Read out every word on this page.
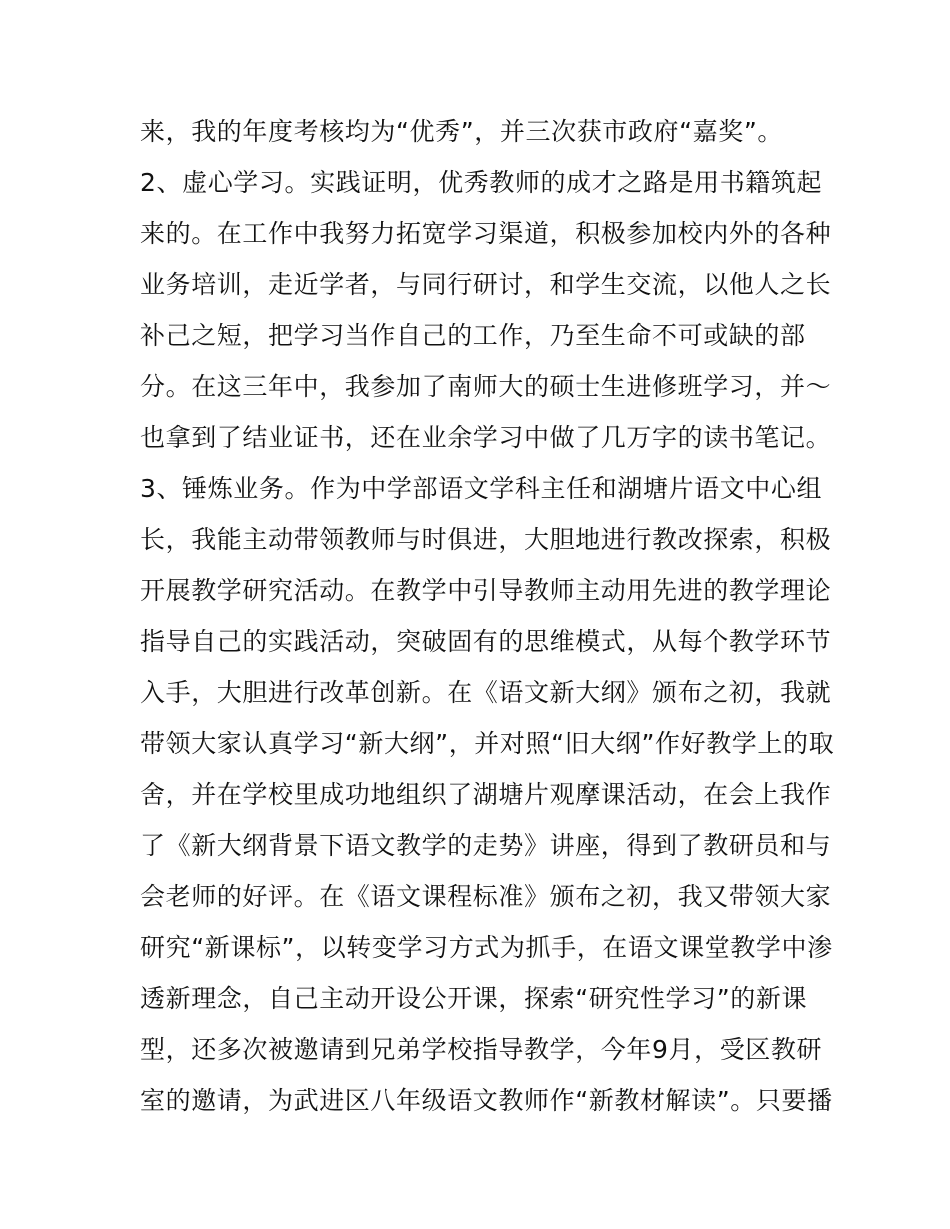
来，我的年度考核均为“优秀”，并三次获市政府“嘉奖”。
2、虚心学习。实践证明，优秀教师的成才之路是用书籍筑起
来的。在工作中我努力拓宽学习渠道，积极参加校内外的各种
业务培训，走近学者，与同行研讨，和学生交流，以他人之长
补己之短，把学习当作自己的工作，乃至生命不可或缺的部
分。在这三年中，我参加了南师大的硕士生进修班学习，并～
也拿到了结业证书，还在业余学习中做了几万字的读书笔记。
3、锤炼业务。作为中学部语文学科主任和湖塘片语文中心组
长，我能主动带领教师与时俱进，大胆地进行教改探索，积极
开展教学研究活动。在教学中引导教师主动用先进的教学理论
指导自己的实践活动，突破固有的思维模式，从每个教学环节
入手，大胆进行改革创新。在《语文新大纲》颁布之初，我就
带领大家认真学习“新大纲”，并对照“旧大纲”作好教学上的取
舍，并在学校里成功地组织了湖塘片观摩课活动，在会上我作
了《新大纲背景下语文教学的走势》讲座，得到了教研员和与
会老师的好评。在《语文课程标准》颁布之初，我又带领大家
研究“新课标”，以转变学习方式为抓手，在语文课堂教学中渗
透新理念，自己主动开设公开课，探索“研究性学习”的新课
型，还多次被邀请到兄弟学校指导教学，今年9月，受区教研
室的邀请，为武进区八年级语文教师作“新教材解读”。只要播
